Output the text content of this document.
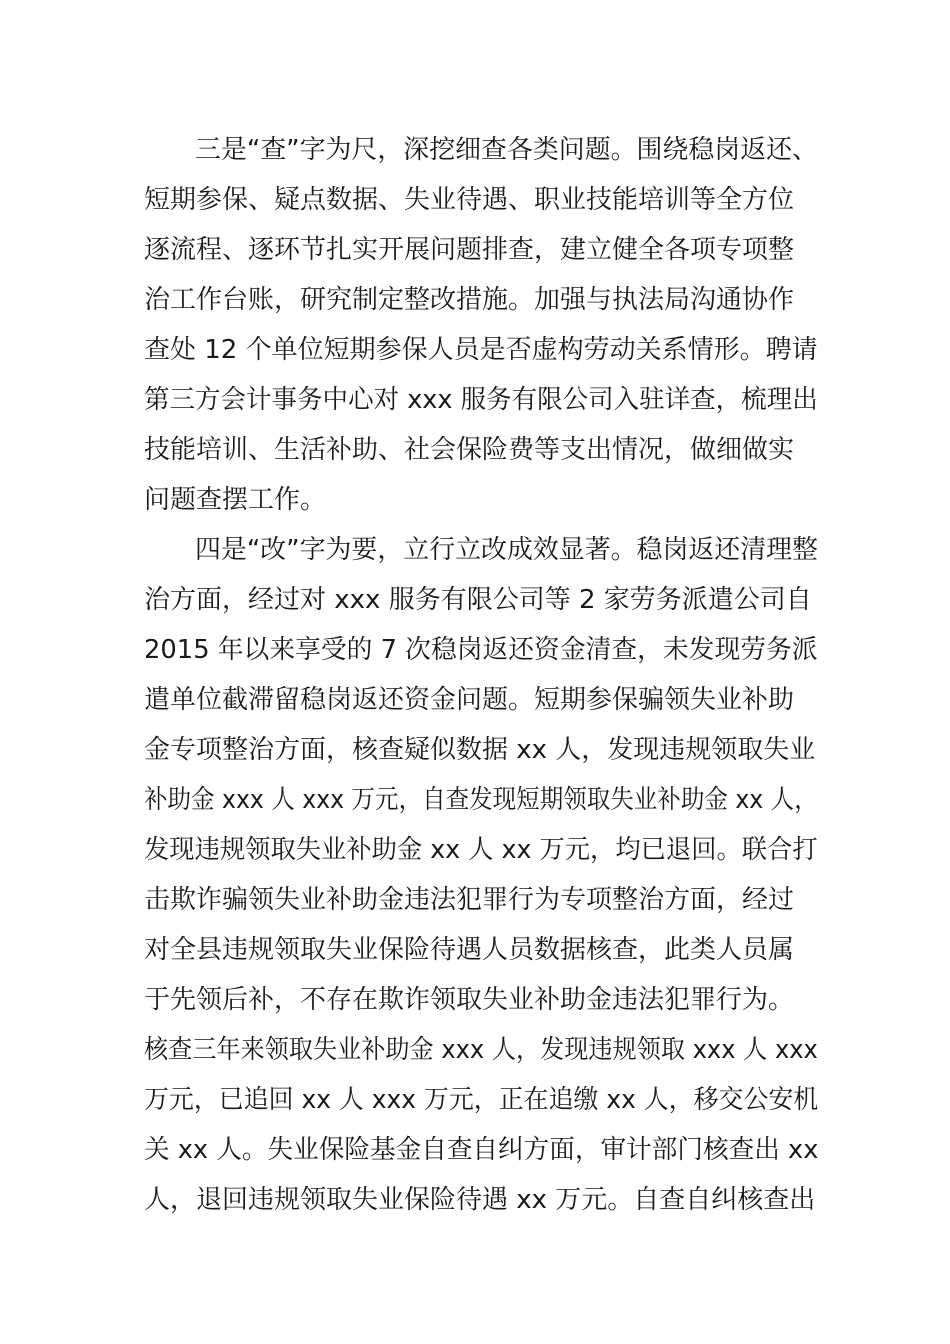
三是“查”字为尺，深挖细查各类问题。围绕稳岗返还、
短期参保、疑点数据、失业待遇、职业技能培训等全方位
逐流程、逐环节扎实开展问题排查，建立健全各项专项整
治工作台账，研究制定整改措施。加强与执法局沟通协作
查处 12 个单位短期参保人员是否虚构劳动关系情形。聘请
第三方会计事务中心对 xxx 服务有限公司入驻详查，梳理出
技能培训、生活补助、社会保险费等支出情况，做细做实
问题查摆工作。
四是“改”字为要，立行立改成效显著。稳岗返还清理整
治方面，经过对 xxx 服务有限公司等 2 家劳务派遣公司自
2015 年以来享受的 7 次稳岗返还资金清查，未发现劳务派
遣单位截滞留稳岗返还资金问题。短期参保骗领失业补助
金专项整治方面，核查疑似数据 xx 人，发现违规领取失业
补助金 xxx 人 xxx 万元，自查发现短期领取失业补助金 xx 人，
发现违规领取失业补助金 xx 人 xx 万元，均已退回。联合打
击欺诈骗领失业补助金违法犯罪行为专项整治方面，经过
对全县违规领取失业保险待遇人员数据核查，此类人员属
于先领后补，不存在欺诈领取失业补助金违法犯罪行为。
核查三年来领取失业补助金 xxx 人，发现违规领取 xxx 人 xxx
万元，已追回 xx 人 xxx 万元，正在追缴 xx 人，移交公安机
关 xx 人。失业保险基金自查自纠方面，审计部门核查出 xx
人，退回违规领取失业保险待遇 xx 万元。自查自纠核查出
